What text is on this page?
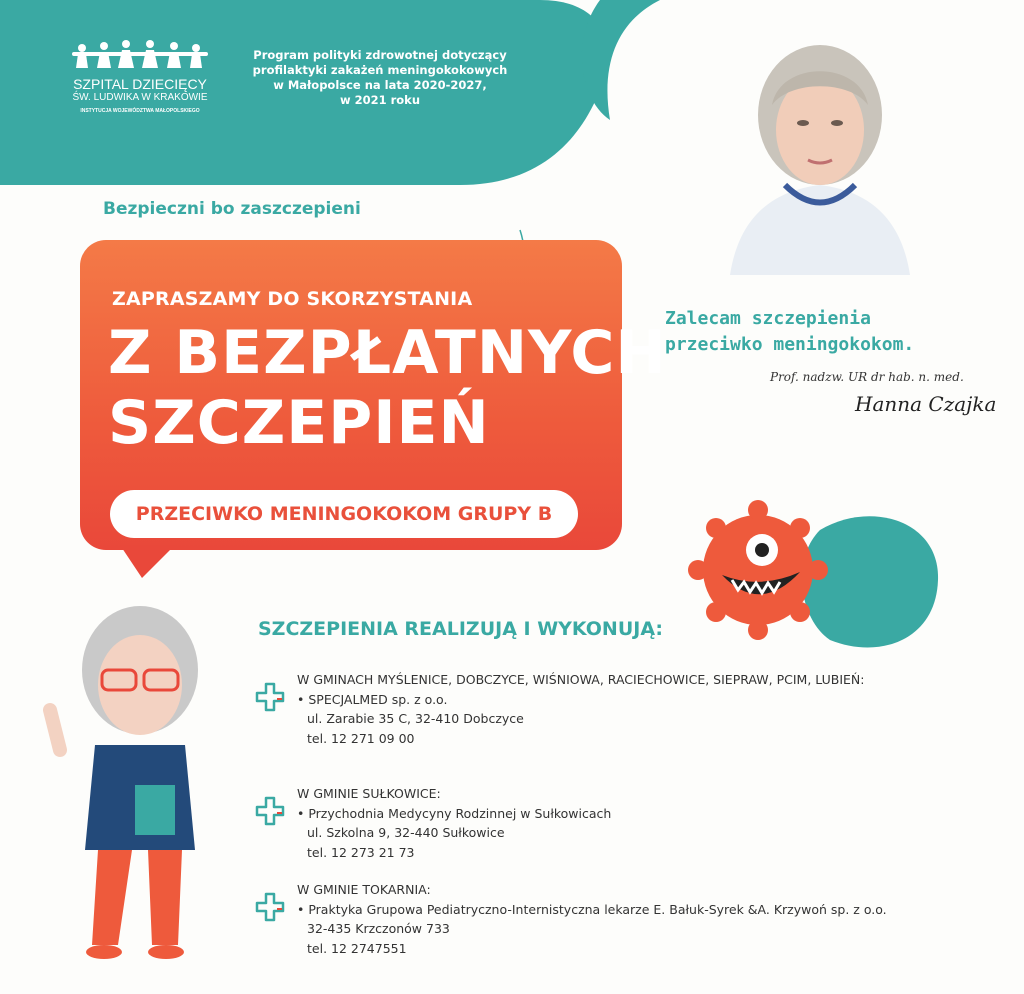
SZPITAL DZIECIĘCY
ŚW. LUDWIKA W KRAKOWIE
INSTYTUCJA WOJEWÓDZTWA MAŁOPOLSKIEGO
Program polityki zdrowotnej dotyczący
profilaktyki zakażeń meningokokowych
w Małopolsce na lata 2020-2027,
w 2021 roku
Bezpieczni bo zaszczepieni
ZAPRASZAMY DO SKORZYSTANIA
Z BEZPŁATNYCH
SZCZEPIEŃ
PRZECIWKO MENINGOKOKOM GRUPY B
Zalecam szczepienia
przeciwko meningokokom.
Prof. nadzw. UR dr hab. n. med.
Hanna Czajka
SZCZEPIENIA REALIZUJĄ I WYKONUJĄ:
W GMINACH MYŚLENICE, DOBCZYCE, WIŚNIOWA, RACIECHOWICE, SIEPRAW, PCIM, LUBIEŃ:
• SPECJALMED sp. z o.o.
ul. Zarabie 35 C, 32-410 Dobczyce
tel. 12 271 09 00
W GMINIE SUŁKOWICE:
• Przychodnia Medycyny Rodzinnej w Sułkowicach
ul. Szkolna 9, 32-440 Sułkowice
tel. 12 273 21 73
W GMINIE TOKARNIA:
• Praktyka Grupowa Pediatryczno-Internistyczna lekarze E. Bałuk-Syrek &A. Krzywoń sp. z o.o.
32-435 Krzczonów 733
tel. 12 2747551
